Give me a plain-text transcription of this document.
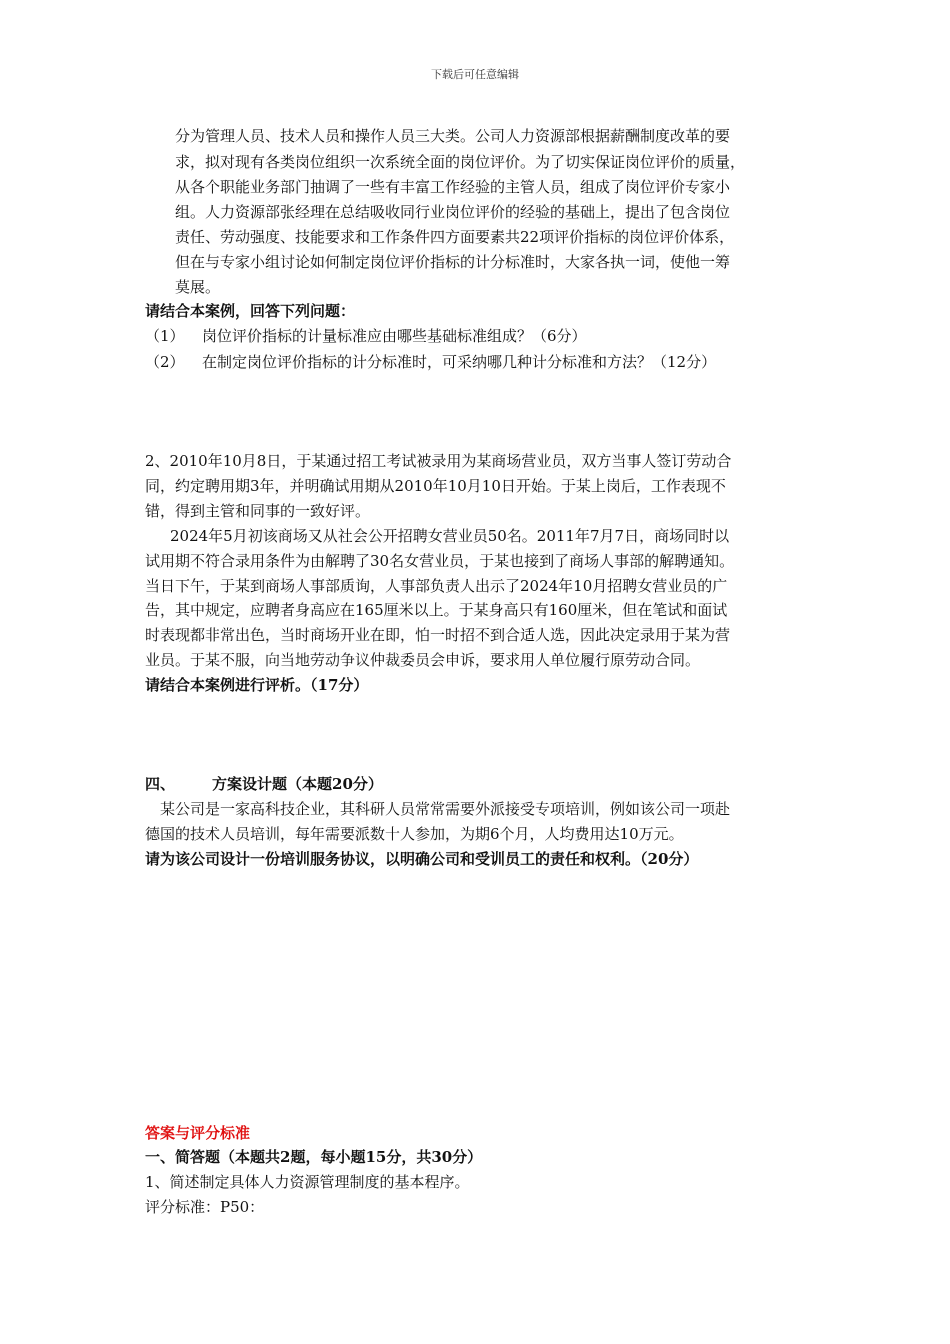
下载后可任意编辑
分为管理人员、技术人员和操作人员三大类。公司人力资源部根据薪酬制度改革的要
求，拟对现有各类岗位组织一次系统全面的岗位评价。为了切实保证岗位评价的质量，
从各个职能业务部门抽调了一些有丰富工作经验的主管人员，组成了岗位评价专家小
组。人力资源部张经理在总结吸收同行业岗位评价的经验的基础上，提出了包含岗位
责任、劳动强度、技能要求和工作条件四方面要素共22项评价指标的岗位评价体系，
但在与专家小组讨论如何制定岗位评价指标的计分标准时，大家各执一词，使他一筹
莫展。
请结合本案例，回答下列问题：
（1） 岗位评价指标的计量标准应由哪些基础标准组成？（6分）
（2） 在制定岗位评价指标的计分标准时，可采纳哪几种计分标准和方法？（12分）
2、2010年10月8日，于某通过招工考试被录用为某商场营业员，双方当事人签订劳动合
同，约定聘用期3年，并明确试用期从2010年10月10日开始。于某上岗后，工作表现不
错，得到主管和同事的一致好评。
2024年5月初该商场又从社会公开招聘女营业员50名。2011年7月7日，商场同时以
试用期不符合录用条件为由解聘了30名女营业员，于某也接到了商场人事部的解聘通知。
当日下午，于某到商场人事部质询，人事部负责人出示了2024年10月招聘女营业员的广
告，其中规定，应聘者身高应在165厘米以上。于某身高只有160厘米，但在笔试和面试
时表现都非常出色，当时商场开业在即，怕一时招不到合适人选，因此决定录用于某为营
业员。于某不服，向当地劳动争议仲裁委员会申诉，要求用人单位履行原劳动合同。
请结合本案例进行评析。（17分）
四、 方案设计题（本题20分）
某公司是一家高科技企业，其科研人员常常需要外派接受专项培训，例如该公司一项赴
德国的技术人员培训，每年需要派数十人参加，为期6个月，人均费用达10万元。
请为该公司设计一份培训服务协议，以明确公司和受训员工的责任和权利。（20分）
答案与评分标准
一、简答题（本题共2题，每小题15分，共30分）
1、简述制定具体人力资源管理制度的基本程序。
评分标准：P50：
